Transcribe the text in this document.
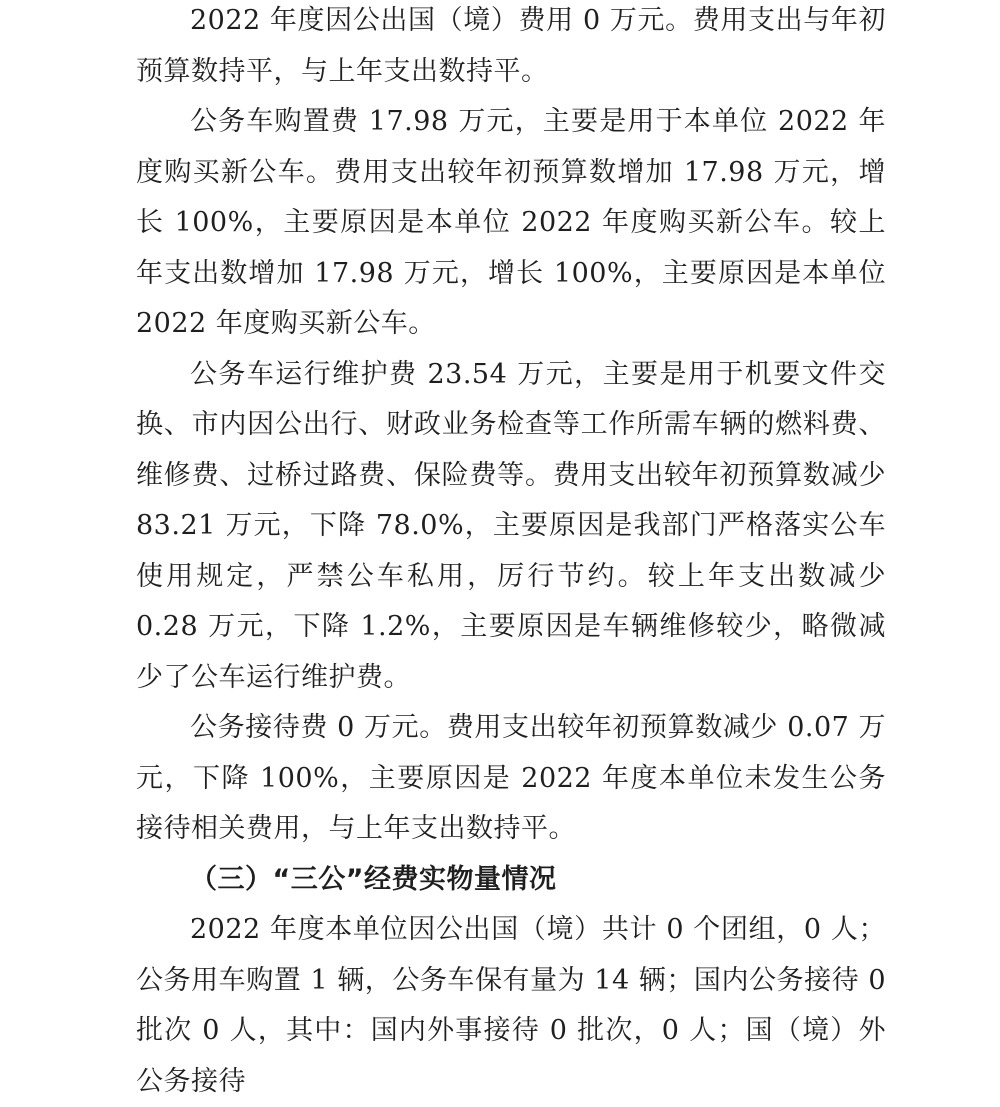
2022 年度因公出国（境）费用 0 万元。费用支出与年初预算数持平，与上年支出数持平。

公务车购置费 17.98 万元，主要是用于本单位 2022 年度购买新公车。费用支出较年初预算数增加 17.98 万元，增长 100%，主要原因是本单位 2022 年度购买新公车。较上年支出数增加 17.98 万元，增长 100%，主要原因是本单位 2022 年度购买新公车。

公务车运行维护费 23.54 万元，主要是用于机要文件交换、市内因公出行、财政业务检查等工作所需车辆的燃料费、维修费、过桥过路费、保险费等。费用支出较年初预算数减少 83.21 万元，下降 78.0%，主要原因是我部门严格落实公车使用规定，严禁公车私用，厉行节约。较上年支出数减少 0.28 万元，下降 1.2%，主要原因是车辆维修较少，略微减少了公车运行维护费。

公务接待费 0 万元。费用支出较年初预算数减少 0.07 万元，下降 100%，主要原因是 2022 年度本单位未发生公务接待相关费用，与上年支出数持平。

（三）“三公”经费实物量情况

2022 年度本单位因公出国（境）共计 0 个团组，0 人；公务用车购置 1 辆，公务车保有量为 14 辆；国内公务接待 0 批次 0 人，其中：国内外事接待 0 批次，0 人；国（境）外公务接待
